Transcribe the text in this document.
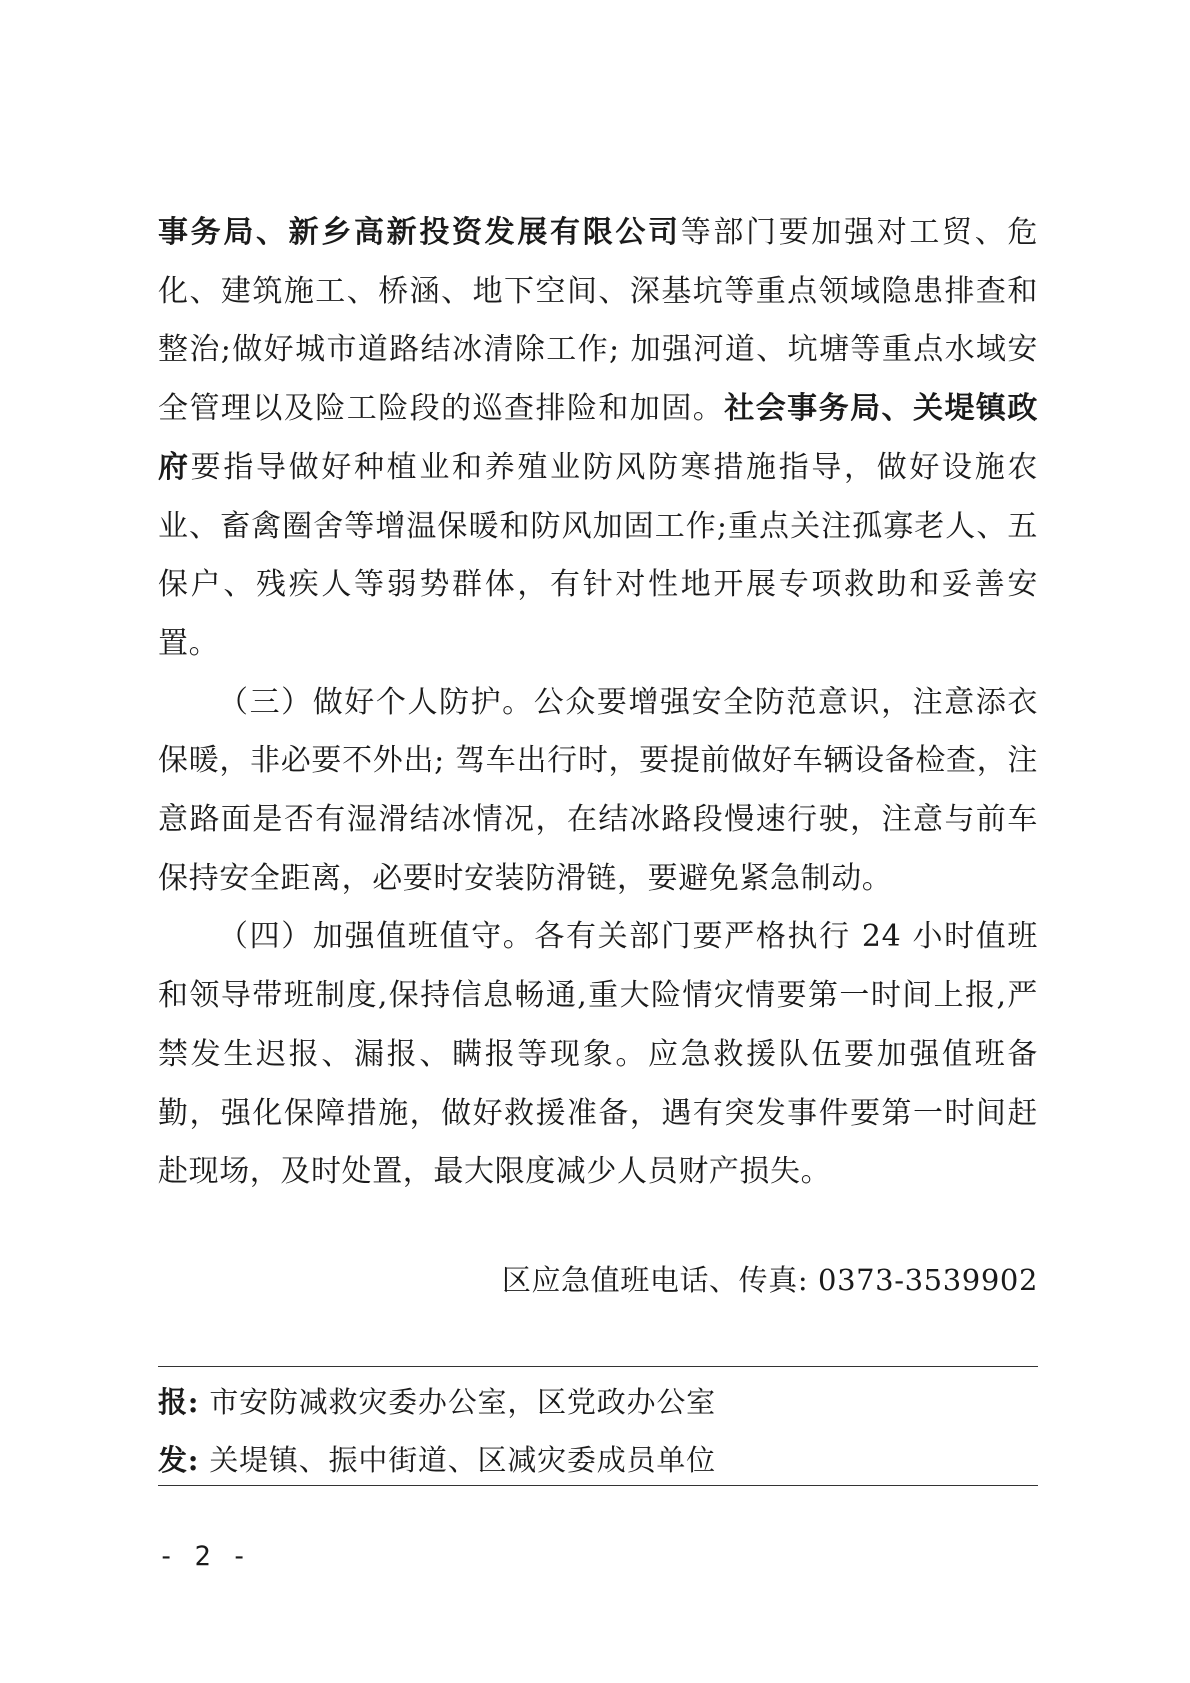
事务局、新乡高新投资发展有限公司等部门要加强对工贸、危化、建筑施工、桥涵、地下空间、深基坑等重点领域隐患排查和整治;做好城市道路结冰清除工作; 加强河道、坑塘等重点水域安全管理以及险工险段的巡查排险和加固。社会事务局、关堤镇政府要指导做好种植业和养殖业防风防寒措施指导，做好设施农业、畜禽圈舍等增温保暖和防风加固工作;重点关注孤寡老人、五保户、残疾人等弱势群体，有针对性地开展专项救助和妥善安置。

（三）做好个人防护。公众要增强安全防范意识，注意添衣保暖，非必要不外出; 驾车出行时，要提前做好车辆设备检查，注意路面是否有湿滑结冰情况，在结冰路段慢速行驶，注意与前车保持安全距离，必要时安装防滑链，要避免紧急制动。

（四）加强值班值守。各有关部门要严格执行 24 小时值班和领导带班制度,保持信息畅通,重大险情灾情要第一时间上报,严禁发生迟报、漏报、瞒报等现象。应急救援队伍要加强值班备勤，强化保障措施，做好救援准备，遇有突发事件要第一时间赶赴现场，及时处置，最大限度减少人员财产损失。

区应急值班电话、传真: 0373-3539902
报: 市安防减救灾委办公室，区党政办公室
发: 关堤镇、振中街道、区减灾委成员单位
- 2 -
